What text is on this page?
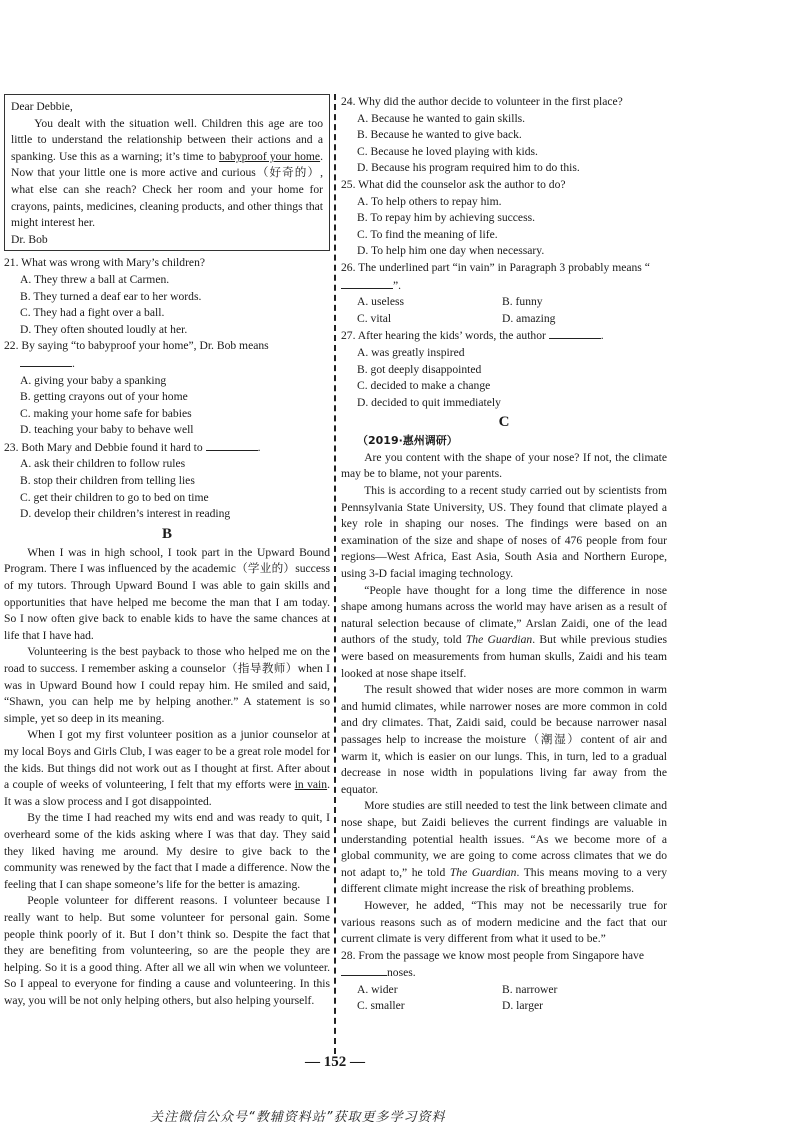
Dear Debbie,

You dealt with the situation well. Children this age are too little to understand the relationship between their actions and a spanking. Use this as a warning; it’s time to babyproof your home. Now that your little one is more active and curious（好奇的）, what else can she reach? Check her room and your home for crayons, paints, medicines, cleaning products, and other things that might interest her.

Dr. Bob

21. What was wrong with Mary’s children?

A. They threw a ball at Carmen.

B. They turned a deaf ear to her words.

C. They had a fight over a ball.

D. They often shouted loudly at her.

22. By saying “to babyproof your home”, Dr. Bob means

.

A. giving your baby a spanking

B. getting crayons out of your home

C. making your home safe for babies

D. teaching your baby to behave well

23. Both Mary and Debbie found it hard to	.

A. ask their children to follow rules

B. stop their children from telling lies

C. get their children to go to bed on time

D. develop their children’s interest in reading

B

When I was in high school, I took part in the Upward Bound Program. There I was influenced by the academic（学业的）success of my tutors. Through Upward Bound I was able to gain skills and opportunities that have helped me become the man that I am today. So I now often give back to enable kids to have the same chances at life that I have had.

Volunteering is the best payback to those who helped me on the road to success. I remember asking a counselor（指导教师）when I was in Upward Bound how I could repay him. He smiled and said, “Shawn, you can help me by helping another.” A statement is so simple, yet so deep in its meaning.

When I got my first volunteer position as a junior counselor at my local Boys and Girls Club, I was eager to be a great role model for the kids. But things did not work out as I thought at first. After about a couple of weeks of volunteering, I felt that my efforts were in vain. It was a slow process and I got disappointed.

By the time I had reached my wits end and was ready to quit, I overheard some of the kids asking where I was that day. They said they liked having me around. My desire to give back to the community was renewed by the fact that I made a difference. Now the feeling that I can shape someone’s life for the better is amazing.

People volunteer for different reasons. I volunteer because I really want to help. But some volunteer for personal gain. Some people think poorly of it. But I don’t think so. Despite the fact that they are benefiting from volunteering, so are the people they are helping. So it is a good thing. After all we all win when we volunteer. So I appeal to everyone for finding a cause and volunteering. In this way, you will be not only helping others, but also helping yourself.

24. Why did the author decide to volunteer in the first place?

A. Because he wanted to gain skills.

B. Because he wanted to give back.

C. Because he loved playing with kids.

D. Because his program required him to do this.

25. What did the counselor ask the author to do?

A. To help others to repay him.

B. To repay him by achieving success.

C. To find the meaning of life.

D. To help him one day when necessary.

26. The underlined part “in vain” in Paragraph 3 probably means “”.

A. useless	B. funny
C. vital	D. amazing

27. After hearing the kids’ words, the author	.

A. was greatly inspired

B. got deeply disappointed

C. decided to make a change

D. decided to quit immediately

C

（2019·惠州调研）

Are you content with the shape of your nose? If not, the climate may be to blame, not your parents.

This is according to a recent study carried out by scientists from Pennsylvania State University, US. They found that climate played a key role in shaping our noses. The findings were based on an examination of the size and shape of noses of 476 people from four regions—West Africa, East Asia, South Asia and Northern Europe, using 3-D facial imaging technology.

“People have thought for a long time the difference in nose shape among humans across the world may have arisen as a result of natural selection because of climate,” Arslan Zaidi, one of the lead authors of the study, told The Guardian. But while previous studies were based on measurements from human skulls, Zaidi and his team looked at nose shape itself.

The result showed that wider noses are more common in warm and humid climates, while narrower noses are more common in cold and dry climates. That, Zaidi said, could be because narrower nasal passages help to increase the moisture（潮湿）content of air and warm it, which is easier on our lungs. This, in turn, led to a gradual decrease in nose width in populations living far away from the equator.

More studies are still needed to test the link between climate and nose shape, but Zaidi believes the current findings are valuable in understanding potential health issues. “As we become more of a global community, we are going to come across climates that we do not adapt to,” he told The Guardian. This means moving to a very different climate might increase the risk of breathing problems.

However, he added, “This may not be necessarily true for various reasons such as of modern medicine and the fact that our current climate is very different from what it used to be.”

28. From the passage we know most people from Singapore have noses.

A. wider	B. narrower
C. smaller	D. larger
— 152 —
关注微信公众号“教辅资料站”获取更多学习资料
